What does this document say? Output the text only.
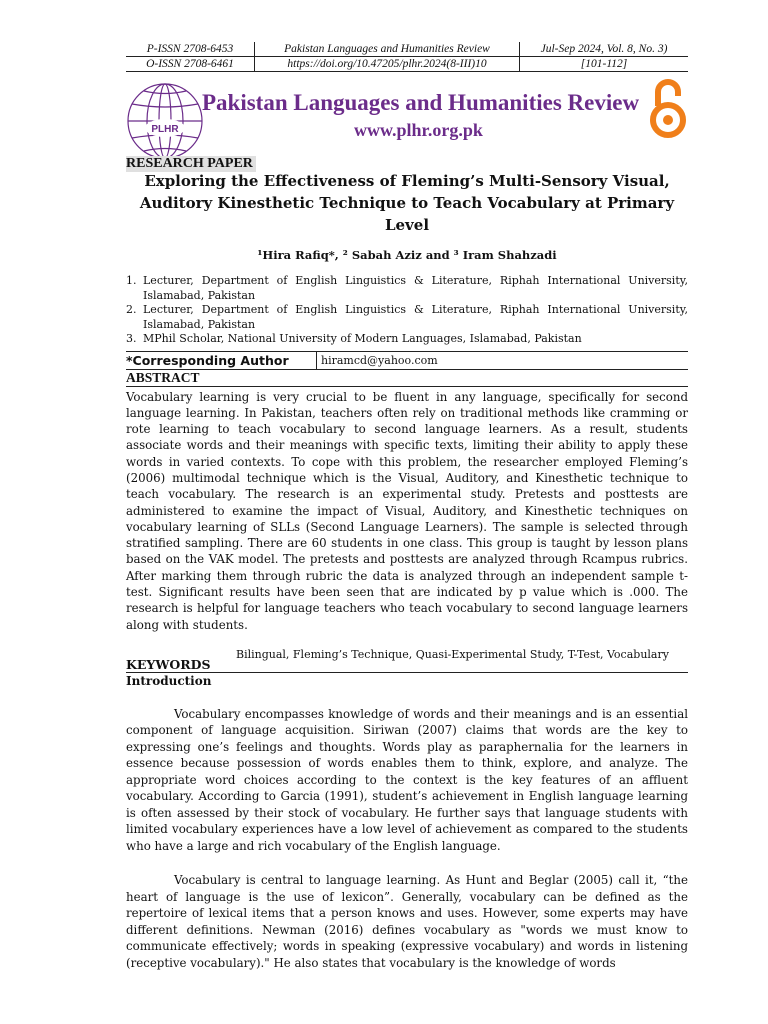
P-ISSN 2708-6453	Pakistan Languages and Humanities Review	Jul-Sep 2024, Vol. 8, No. 3)
O-ISSN 2708-6461	https://doi.org/10.47205/plhr.2024(8-III)10	[101-112]
PLHR
Pakistan Languages and Humanities Review
www.plhr.org.pk
RESEARCH PAPER
Exploring the Effectiveness of Fleming’s Multi-Sensory Visual,
Auditory Kinesthetic Technique to Teach Vocabulary at Primary Level
¹Hira Rafiq*, ² Sabah Aziz and ³ Iram Shahzadi
1. Lecturer, Department of English Linguistics & Literature, Riphah International University, Islamabad, Pakistan
2. Lecturer, Department of English Linguistics & Literature, Riphah International University, Islamabad, Pakistan
3. MPhil Scholar, National University of Modern Languages, Islamabad, Pakistan
*Corresponding Author	hiramcd@yahoo.com
ABSTRACT
Vocabulary learning is very crucial to be fluent in any language, specifically for second language learning. In Pakistan, teachers often rely on traditional methods like cramming or rote learning to teach vocabulary to second language learners. As a result, students associate words and their meanings with specific texts, limiting their ability to apply these words in varied contexts. To cope with this problem, the researcher employed Fleming’s (2006) multimodal technique which is the Visual, Auditory, and Kinesthetic technique to teach vocabulary. The research is an experimental study. Pretests and posttests are administered to examine the impact of Visual, Auditory, and Kinesthetic techniques on vocabulary learning of SLLs (Second Language Learners). The sample is selected through stratified sampling. There are 60 students in one class. This group is taught by lesson plans based on the VAK model. The pretests and posttests are analyzed through Rcampus rubrics. After marking them through rubric the data is analyzed through an independent sample t-test. Significant results have been seen that are indicated by p value which is .000. The research is helpful for language teachers who teach vocabulary to second language learners along with students.
KEYWORDS
Bilingual, Fleming’s Technique, Quasi-Experimental Study, T-Test, Vocabulary
Introduction
Vocabulary encompasses knowledge of words and their meanings and is an essential component of language acquisition. Siriwan (2007) claims that words are the key to expressing one’s feelings and thoughts. Words play as paraphernalia for the learners in essence because possession of words enables them to think, explore, and analyze. The appropriate word choices according to the context is the key features of an affluent vocabulary. According to Garcia (1991), student’s achievement in English language learning is often assessed by their stock of vocabulary. He further says that language students with limited vocabulary experiences have a low level of achievement as compared to the students who have a large and rich vocabulary of the English language.
Vocabulary is central to language learning. As Hunt and Beglar (2005) call it, “the heart of language is the use of lexicon”. Generally, vocabulary can be defined as the repertoire of lexical items that a person knows and uses. However, some experts may have different definitions. Newman (2016) defines vocabulary as "words we must know to communicate effectively; words in speaking (expressive vocabulary) and words in listening (receptive vocabulary)." He also states that vocabulary is the knowledge of words
